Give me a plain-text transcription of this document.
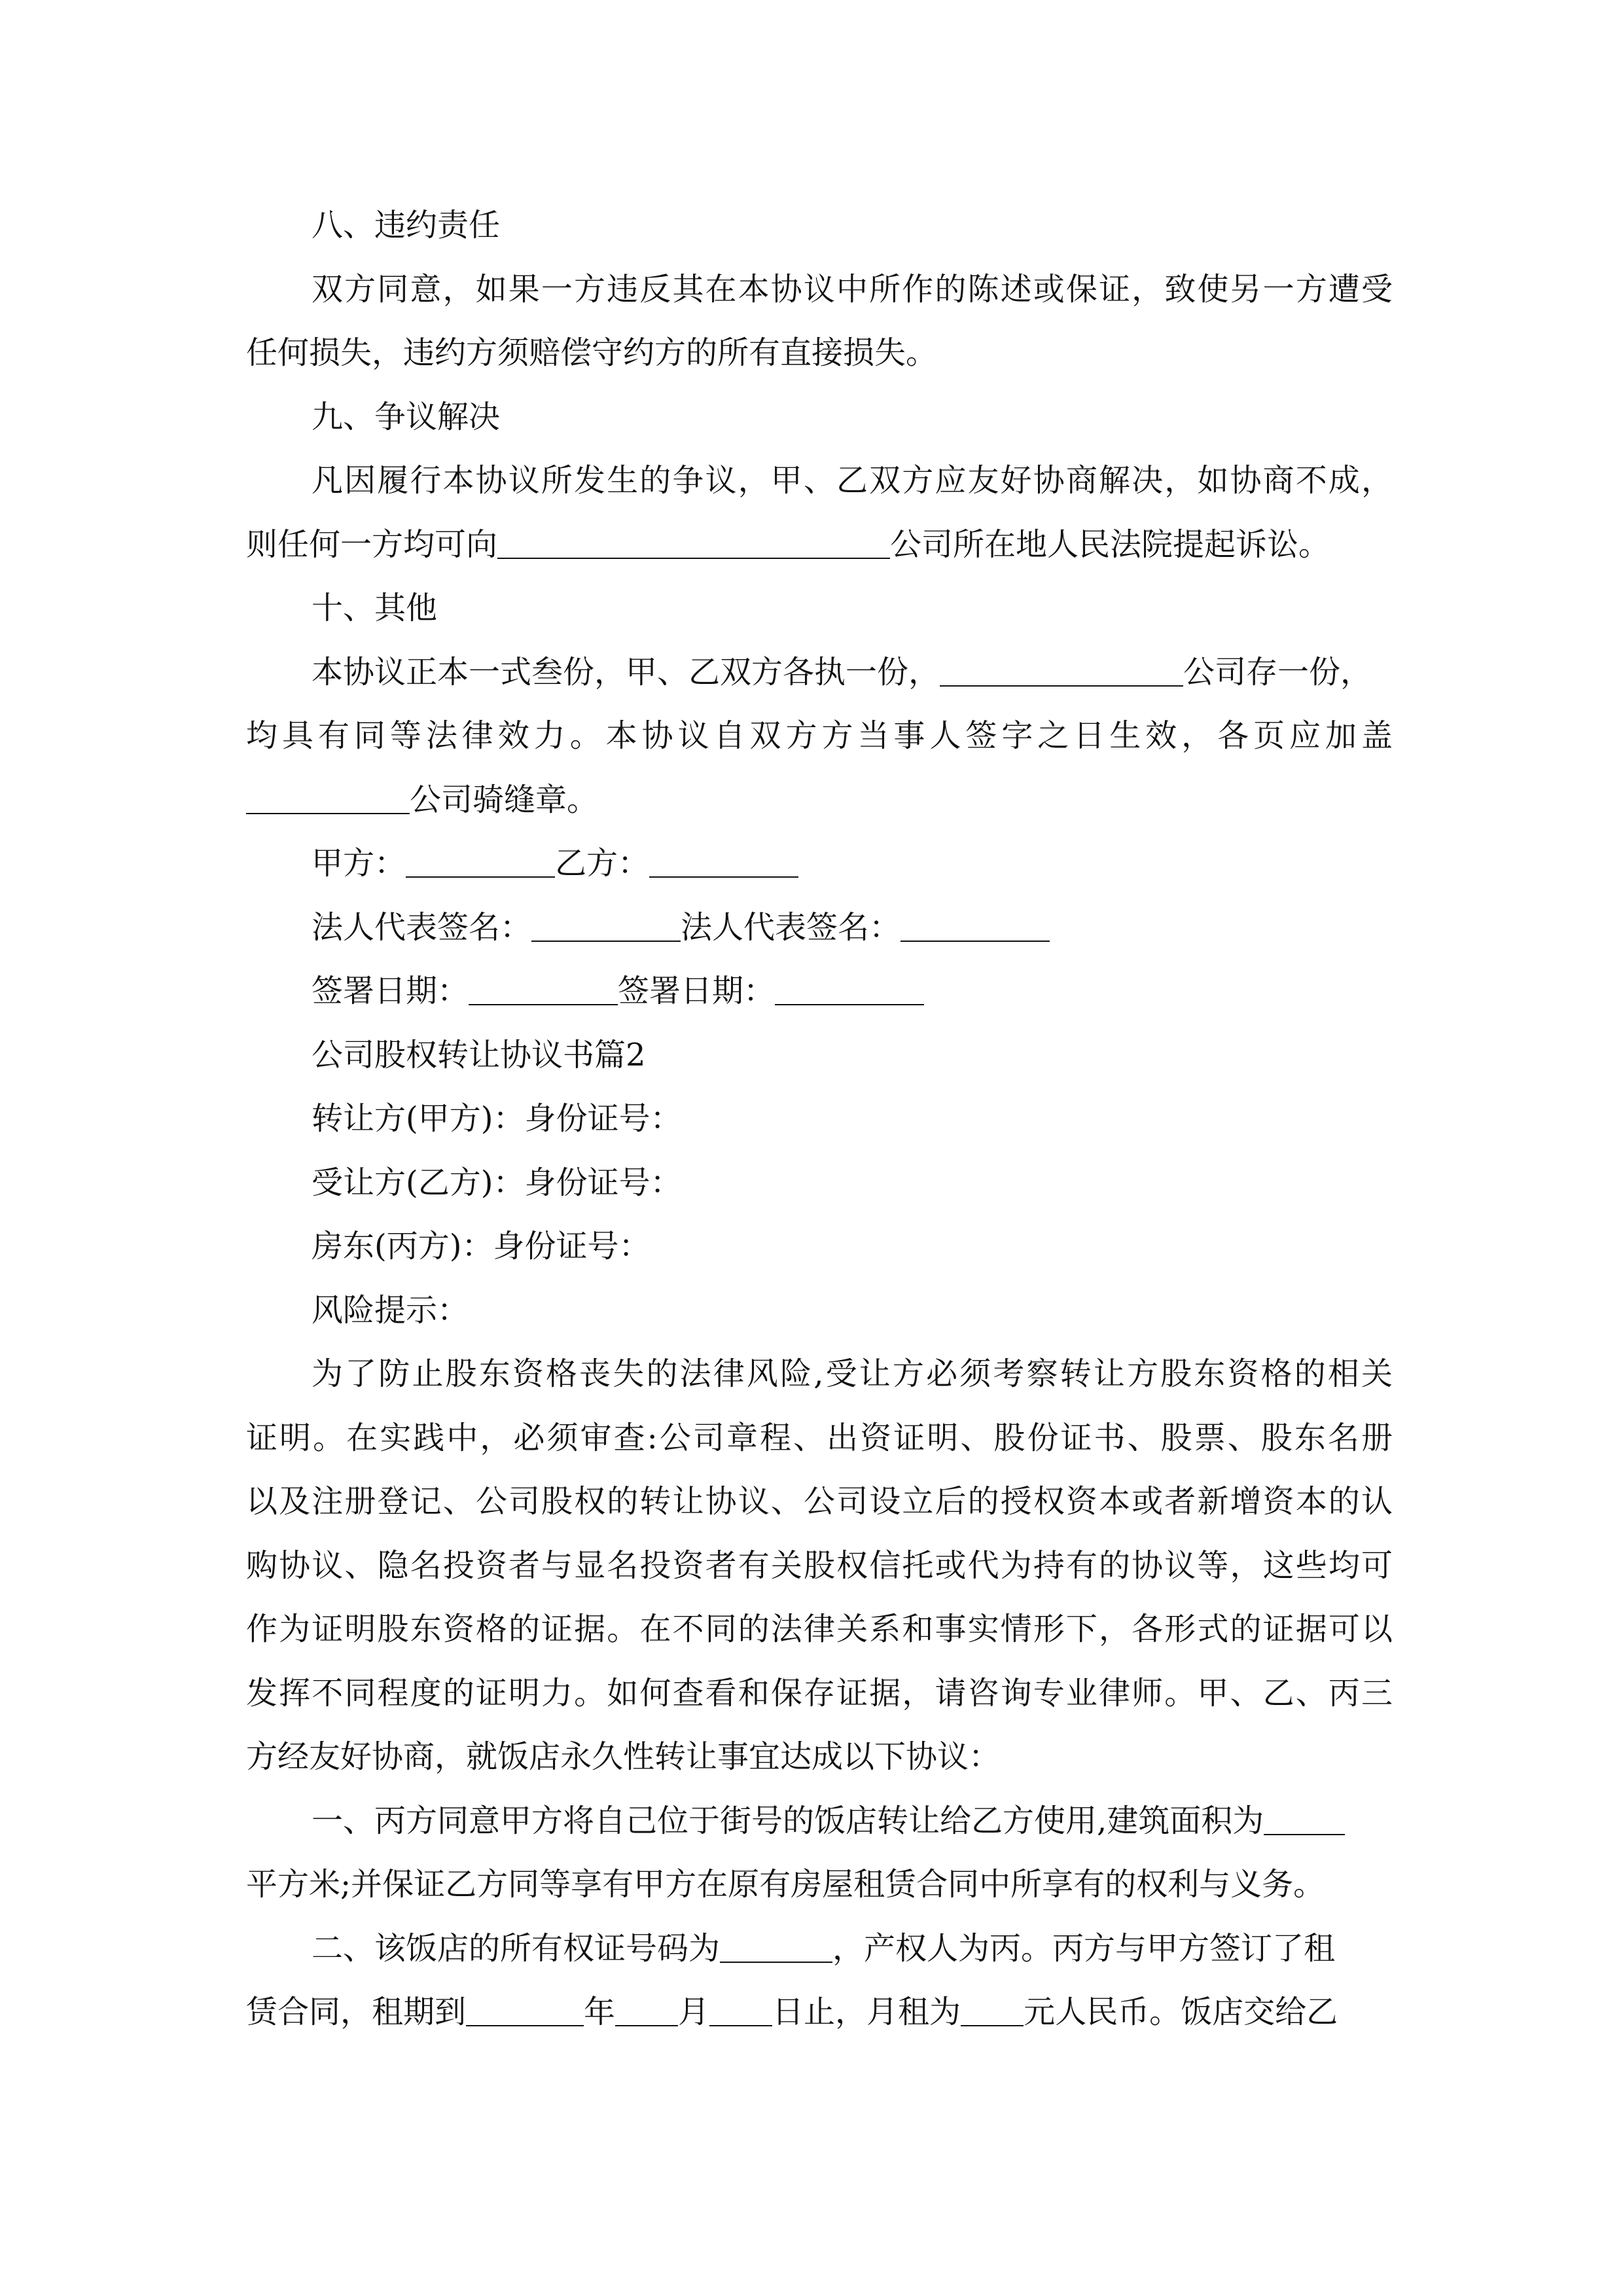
八、违约责任
双方同意，如果一方违反其在本协议中所作的陈述或保证，致使另一方遭受
任何损失，违约方须赔偿守约方的所有直接损失。
九、争议解决
凡因履行本协议所发生的争议，甲、乙双方应友好协商解决，如协商不成，
则任何一方均可向	公司所在地人民法院提起诉讼。
十、其他
本协议正本一式叁份，甲、乙双方各执一份，	公司存一份，
均具有同等法律效力。本协议自双方方当事人签字之日生效，各页应加盖
公司骑缝章。
甲方：	乙方：
法人代表签名：	法人代表签名：
签署日期：	签署日期：
公司股权转让协议书篇2
转让方(甲方)：身份证号：
受让方(乙方)：身份证号：
房东(丙方)：身份证号：
风险提示：
为了防止股东资格丧失的法律风险,受让方必须考察转让方股东资格的相关
证明。在实践中，必须审查:公司章程、出资证明、股份证书、股票、股东名册
以及注册登记、公司股权的转让协议、公司设立后的授权资本或者新增资本的认
购协议、隐名投资者与显名投资者有关股权信托或代为持有的协议等，这些均可
作为证明股东资格的证据。在不同的法律关系和事实情形下，各形式的证据可以
发挥不同程度的证明力。如何查看和保存证据，请咨询专业律师。甲、乙、丙三
方经友好协商，就饭店永久性转让事宜达成以下协议：
一、丙方同意甲方将自己位于街号的饭店转让给乙方使用,建筑面积为
平方米;并保证乙方同等享有甲方在原有房屋租赁合同中所享有的权利与义务。
二、该饭店的所有权证号码为	，产权人为丙。丙方与甲方签订了租
赁合同，租期到	年 月 日止，月租为 元人民币。饭店交给乙
